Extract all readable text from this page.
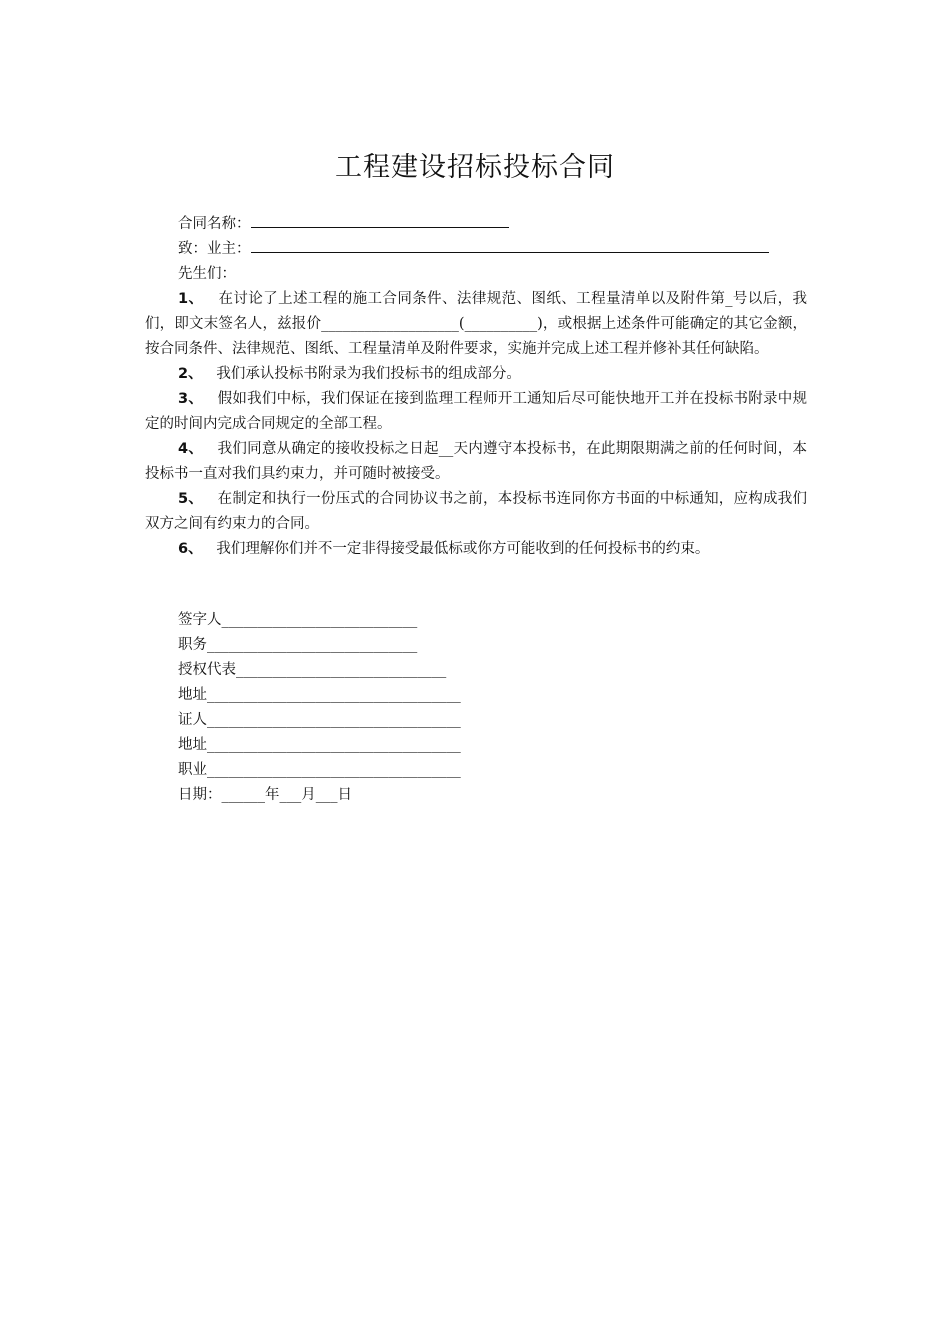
工程建设招标投标合同
合同名称：
致：业主：
先生们：

1、 在讨论了上述工程的施工合同条件、法律规范、图纸、工程量清单以及附件第_号以后，我们，即文末签名人，兹报价___________________(__________)，或根据上述条件可能确定的其它金额，按合同条件、法律规范、图纸、工程量清单及附件要求，实施并完成上述工程并修补其任何缺陷。

2、 我们承认投标书附录为我们投标书的组成部分。

3、 假如我们中标，我们保证在接到监理工程师开工通知后尽可能快地开工并在投标书附录中规定的时间内完成合同规定的全部工程。

4、 我们同意从确定的接收投标之日起__天内遵守本投标书，在此期限期满之前的任何时间，本投标书一直对我们具约束力，并可随时被接受。

5、 在制定和执行一份压式的合同协议书之前，本投标书连同你方书面的中标通知，应构成我们双方之间有约束力的合同。

6、 我们理解你们并不一定非得接受最低标或你方可能收到的任何投标书的约束。

签字人___________________________
职务_____________________________
授权代表_____________________________
地址___________________________________
证人___________________________________
地址___________________________________
职业___________________________________
日期：______年___月___日
